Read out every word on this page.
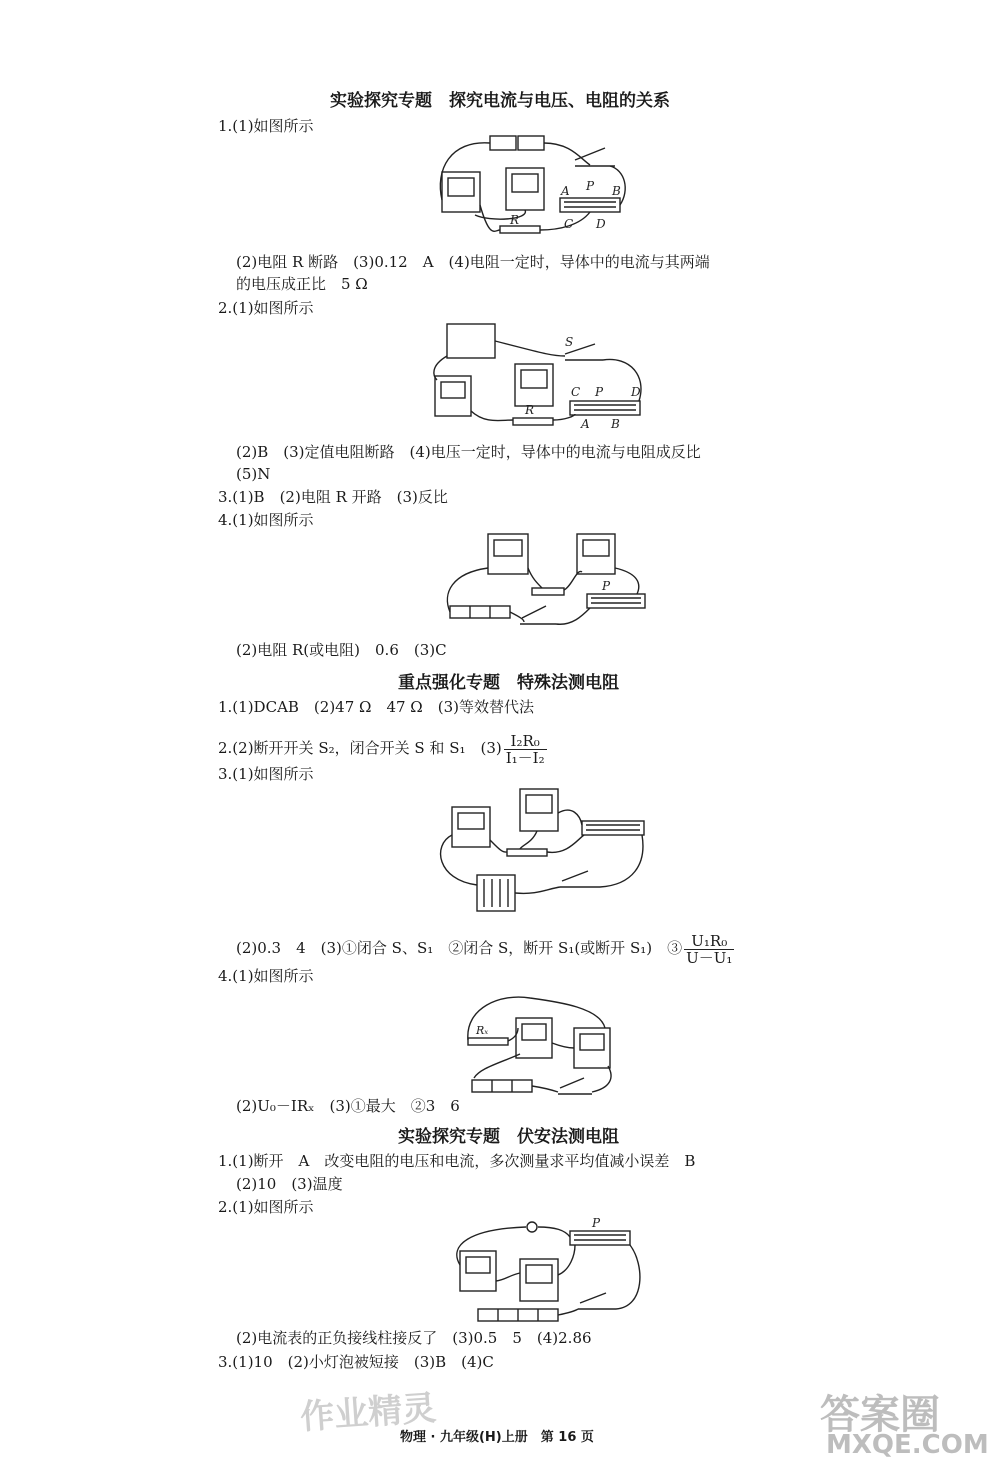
实验探究专题　探究电流与电压、电阻的关系
1.(1)如图所示
A P B
C D
R
(2)电阻 R 断路　(3)0.12　A　(4)电阻一定时，导体中的电流与其两端
的电压成正比　5 Ω
2.(1)如图所示
S
C P D
A B
R
(2)B　(3)定值电阻断路　(4)电压一定时，导体中的电流与电阻成反比
(5)N
3.(1)B　(2)电阻 R 开路　(3)反比
4.(1)如图所示
P
(2)电阻 R(或电阻)　0.6　(3)C
重点强化专题　特殊法测电阻
1.(1)DCAB　(2)47 Ω　47 Ω　(3)等效替代法
2.(2)断开开关 S₂，闭合开关 S 和 S₁　$(3) \frac{\text{I₂R₀}}{\text{I₁－I₂}}$
3.(1)如图所示
(2)0.3　4　(3)①闭合 S、S₁　②闭合 S，断开 S₁(或断开 S₁)　③ $\frac{\text{U₁R₀}}{\text{U－U₁}}$
4.(1)如图所示
Rₓ
(2)U₀－IRₓ　(3)①最大　②3　6
实验探究专题　伏安法测电阻
1.(1)断开　A　改变电阻的电压和电流，多次测量求平均值减小误差　B
(2)10　(3)温度
2.(1)如图所示
P
(2)电流表的正负接线柱接反了　(3)0.5　5　(4)2.86
3.(1)10　(2)小灯泡被短接　(3)B　(4)C
物理 · 九年级(H)上册　第 16 页
作业精灵	答案圈
MXQE.COM
